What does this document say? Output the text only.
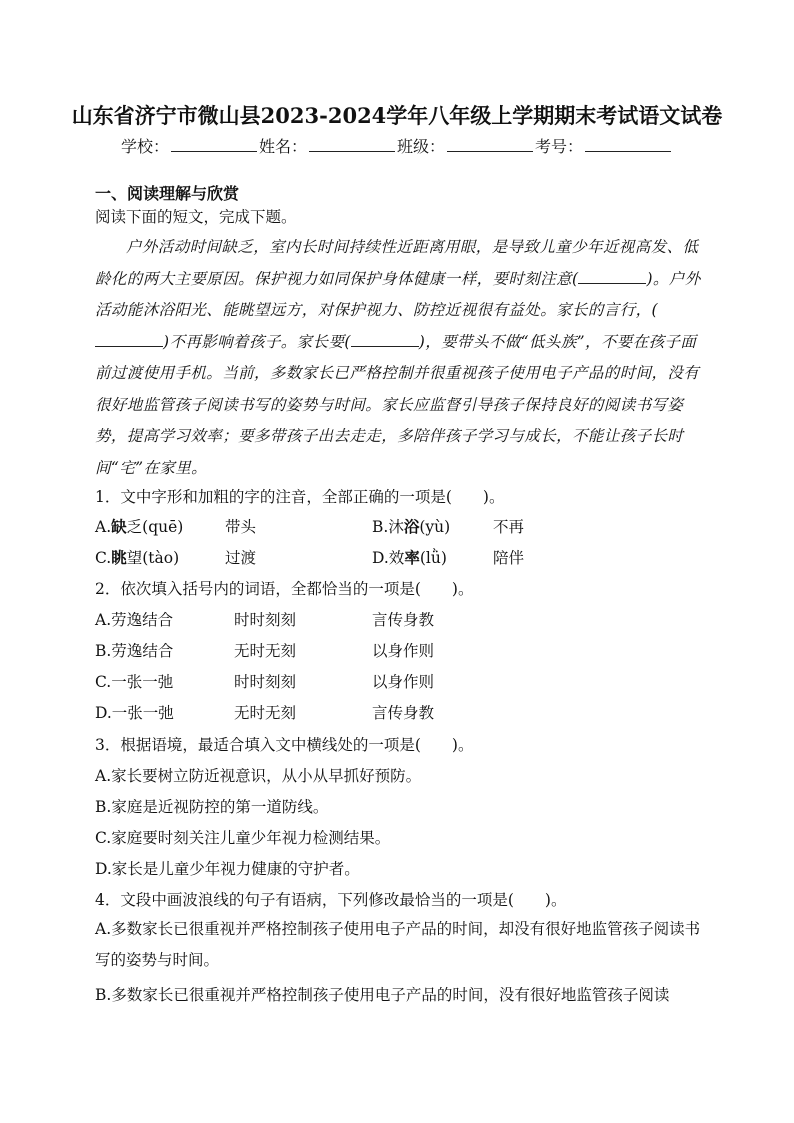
山东省济宁市微山县2023-2024学年八年级上学期期末考试语文试卷
学校：	姓名：	班级：	考号：
一、阅读理解与欣赏
阅读下面的短文，完成下题。

户外活动时间缺乏，室内长时间持续性近距离用眼，是导致儿童少年近视高发、低龄化的两大主要原因。保护视力如同保护身体健康一样，要时刻注意(	)。户外活动能沐浴阳光、能眺望远方，对保护视力、防控近视很有益处。家长的言行，()不再影响着孩子。家长要(	)，要带头不做“低头族”，不要在孩子面前过渡使用手机。当前，多数家长已严格控制并很重视孩子使用电子产品的时间，没有很好地监管孩子阅读书写的姿势与时间。家长应监督引导孩子保持良好的阅读书写姿势，提高学习效率；要多带孩子出去走走，多陪伴孩子学习与成长，不能让孩子长时间“宅”在家里。

1．文中字形和加粗的字的注音，全部正确的一项是(　　)。
A.缺乏(quē)	带头	B.沐浴(yù)	不再
C.眺望(tào)	过渡	D.效率(lǜ)	陪伴
2．依次填入括号内的词语，全都恰当的一项是(　　)。
A.劳逸结合	时时刻刻	言传身教
B.劳逸结合	无时无刻	以身作则
C.一张一弛	时时刻刻	以身作则
D.一张一弛	无时无刻	言传身教
3．根据语境，最适合填入文中横线处的一项是(　　)。
A.家长要树立防近视意识，从小从早抓好预防。
B.家庭是近视防控的第一道防线。
C.家庭要时刻关注儿童少年视力检测结果。
D.家长是儿童少年视力健康的守护者。
4．文段中画波浪线的句子有语病，下列修改最恰当的一项是(　　)。
A.多数家长已很重视并严格控制孩子使用电子产品的时间，却没有很好地监管孩子阅读书写的姿势与时间。
B.多数家长已很重视并严格控制孩子使用电子产品的时间，没有很好地监管孩子阅读
